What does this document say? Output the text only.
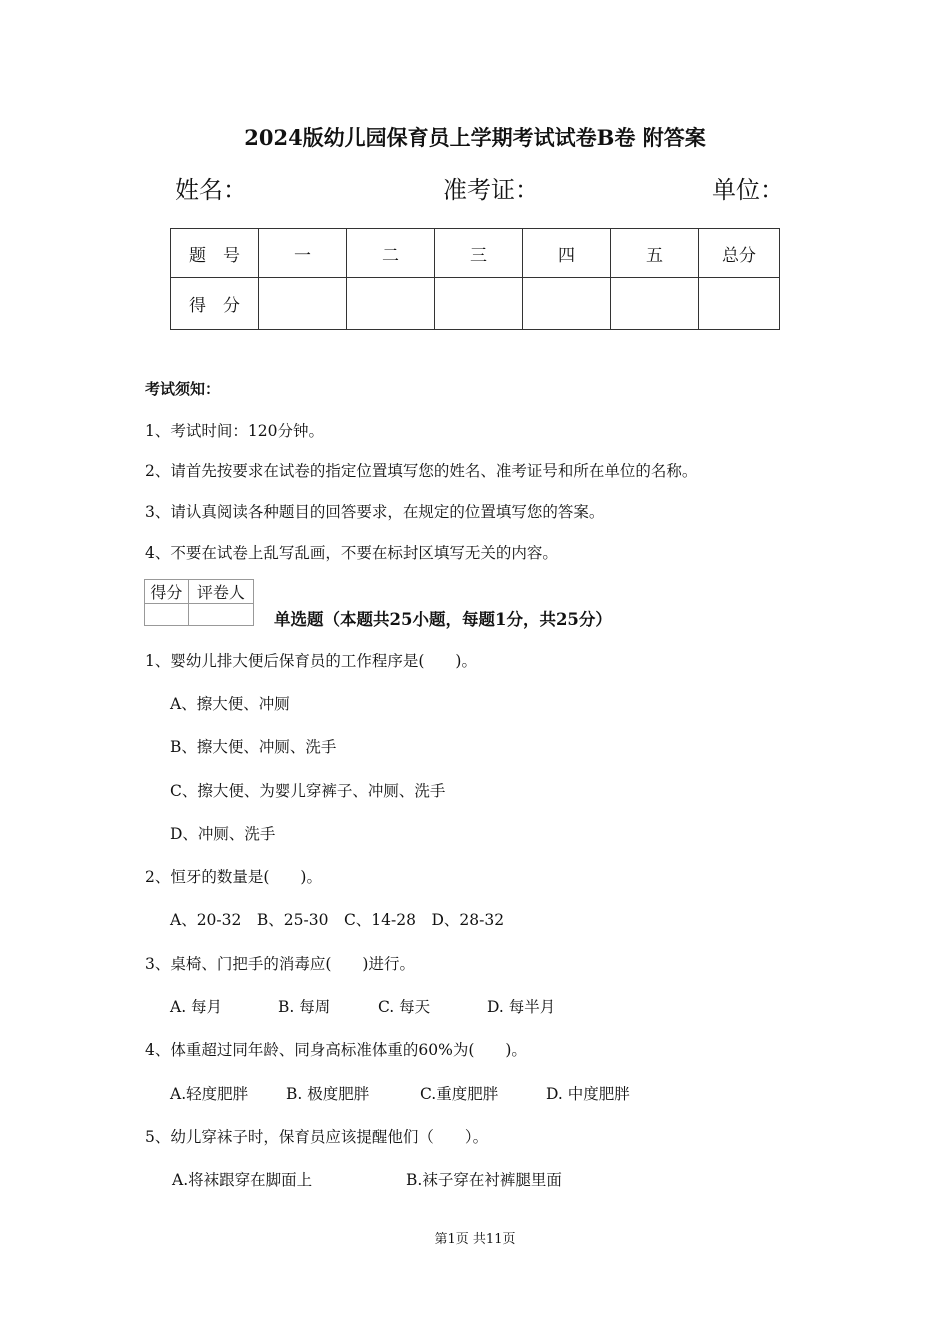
2024版幼儿园保育员上学期考试试卷B卷 附答案
姓名：	准考证：	单位：
题　号	一	二	三	四	五	总分
得　分						
考试须知：
1、考试时间：120分钟。
2、请首先按要求在试卷的指定位置填写您的姓名、准考证号和所在单位的名称。
3、请认真阅读各种题目的回答要求，在规定的位置填写您的答案。
4、不要在试卷上乱写乱画，不要在标封区填写无关的内容。
得分	评卷人

单选题（本题共25小题，每题1分，共25分）
1、婴幼儿排大便后保育员的工作程序是(　　)。
A、擦大便、冲厕
B、擦大便、冲厕、洗手
C、擦大便、为婴儿穿裤子、冲厕、洗手
D、冲厕、洗手
2、恒牙的数量是(　　)。
A、20-32　B、25-30　C、14-28　D、28-32
3、桌椅、门把手的消毒应(　　)进行。
A. 每月	B. 每周	C. 每天	D. 每半月
4、体重超过同年龄、同身高标准体重的60%为(　　)。
A.轻度肥胖 B. 极度肥胖	C.重度肥胖	D. 中度肥胖
5、幼儿穿袜子时，保育员应该提醒他们（　　）。
A.将袜跟穿在脚面上	B.袜子穿在衬裤腿里面
第1页 共11页
